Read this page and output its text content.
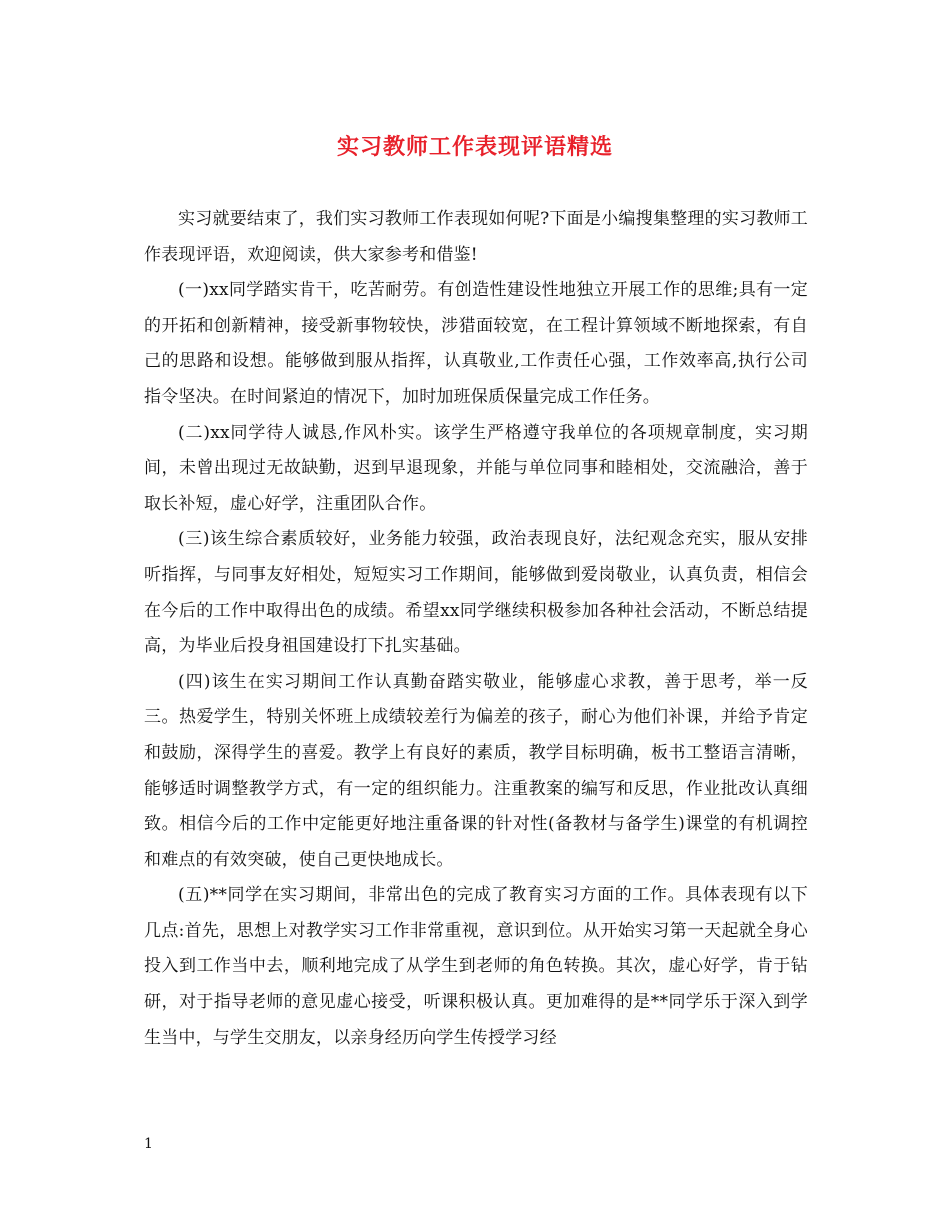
实习教师工作表现评语精选

实习就要结束了，我们实习教师工作表现如何呢?下面是小编搜集整理的实习教师工作表现评语，欢迎阅读，供大家参考和借鉴!

(一)xx同学踏实肯干，吃苦耐劳。有创造性建设性地独立开展工作的思维;具有一定的开拓和创新精神，接受新事物较快，涉猎面较宽，在工程计算领域不断地探索，有自己的思路和设想。能够做到服从指挥，认真敬业,工作责任心强，工作效率高,执行公司指令坚决。在时间紧迫的情况下，加时加班保质保量完成工作任务。

(二)xx同学待人诚恳,作风朴实。该学生严格遵守我单位的各项规章制度，实习期间，未曾出现过无故缺勤，迟到早退现象，并能与单位同事和睦相处，交流融洽，善于取长补短，虚心好学，注重团队合作。

(三)该生综合素质较好，业务能力较强，政治表现良好，法纪观念充实，服从安排听指挥，与同事友好相处，短短实习工作期间，能够做到爱岗敬业，认真负责，相信会在今后的工作中取得出色的成绩。希望xx同学继续积极参加各种社会活动，不断总结提高，为毕业后投身祖国建设打下扎实基础。

(四)该生在实习期间工作认真勤奋踏实敬业，能够虚心求教，善于思考，举一反三。热爱学生，特别关怀班上成绩较差行为偏差的孩子，耐心为他们补课，并给予肯定和鼓励，深得学生的喜爱。教学上有良好的素质，教学目标明确，板书工整语言清晰，能够适时调整教学方式，有一定的组织能力。注重教案的编写和反思，作业批改认真细致。相信今后的工作中定能更好地注重备课的针对性(备教材与备学生)课堂的有机调控和难点的有效突破，使自己更快地成长。

(五)**同学在实习期间，非常出色的完成了教育实习方面的工作。具体表现有以下几点:首先，思想上对教学实习工作非常重视，意识到位。从开始实习第一天起就全身心投入到工作当中去，顺利地完成了从学生到老师的角色转换。其次，虚心好学，肯于钻研，对于指导老师的意见虚心接受，听课积极认真。更加难得的是**同学乐于深入到学生当中，与学生交朋友，以亲身经历向学生传授学习经

1
